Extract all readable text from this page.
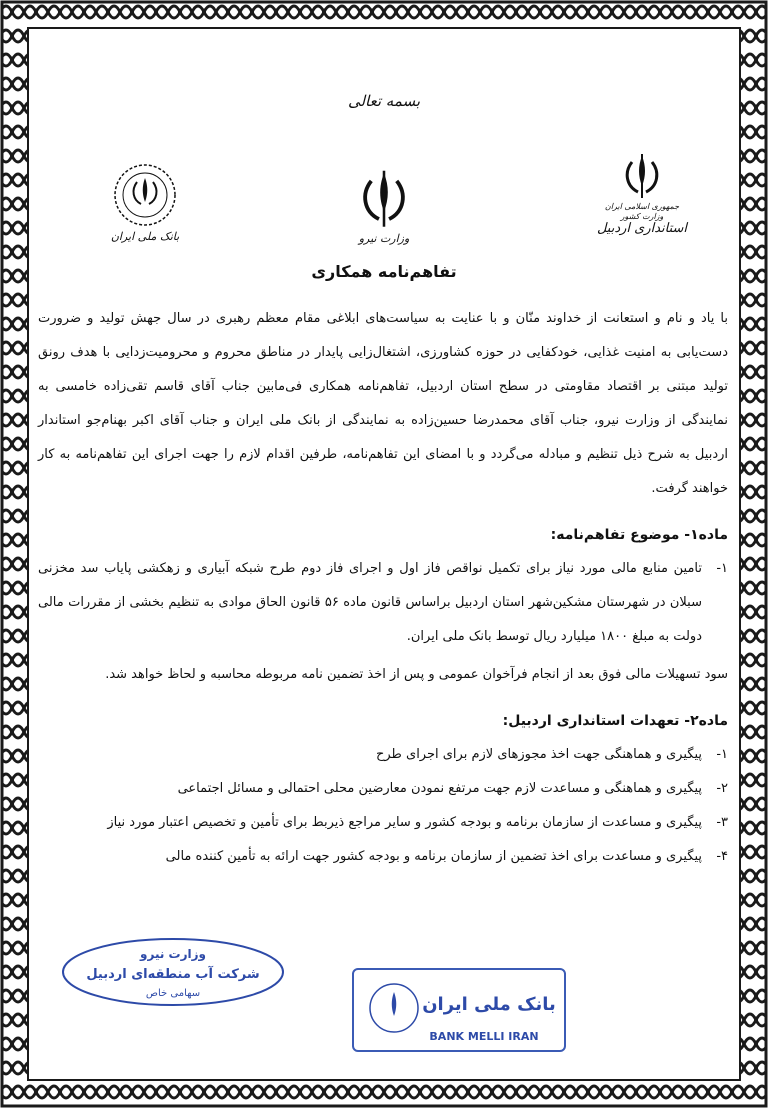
بسمه تعالی
جمهوری اسلامی ایران
وزارت کشور
استانداری اردبیل
وزارت نیرو
بانک ملی ایران
تفاهم‌نامه همکاری

با یاد و نام و استعانت از خداوند منّان و با عنایت به سیاست‌های ابلاغی مقام معظم رهبری در سال جهش تولید و ضرورت دست‌یابی به امنیت غذایی، خودکفایی در حوزه کشاورزی، اشتغال‌زایی پایدار در مناطق محروم و محرومیت‌زدایی با هدف رونق تولید مبتنی بر اقتصاد مقاومتی در سطح استان اردبیل، تفاهم‌نامه همکاری فی‌مابین جناب آقای قاسم تقی‌زاده خامسی به نمایندگی از وزارت نیرو، جناب آقای محمدرضا حسین‌زاده به نمایندگی از بانک ملی ایران و جناب آقای اکبر بهنام‌جو استاندار اردبیل به شرح ذیل تنظیم و مبادله می‌گردد و با امضای این تفاهم‌نامه، طرفین اقدام لازم را جهت اجرای این تفاهم‌نامه به کار خواهند گرفت.

ماده۱- موضوع تفاهم‌نامه:

۱-
تامین منابع مالی مورد نیاز برای تکمیل نواقص فاز اول و اجرای فاز دوم طرح شبکه آبیاری و زهکشی پایاب سد مخزنی سبلان در شهرستان مشکین‌شهر استان اردبیل براساس قانون ماده ۵۶ قانون الحاق موادی به تنظیم بخشی از مقررات مالی دولت به مبلغ ۱۸۰۰ میلیارد ریال توسط بانک ملی ایران.

سود تسهیلات مالی فوق بعد از انجام فرآخوان عمومی و پس از اخذ تضمین نامه مربوطه محاسبه و لحاظ خواهد شد.

ماده۲- تعهدات استانداری اردبیل:

۱-
پیگیری و هماهنگی جهت اخذ مجوزهای لازم برای اجرای طرح
۲-
پیگیری و هماهنگی و مساعدت لازم جهت مرتفع نمودن معارضین محلی احتمالی و مسائل اجتماعی
۳-
پیگیری و مساعدت از سازمان برنامه و بودجه کشور و سایر مراجع ذیربط برای تأمین و تخصیص اعتبار مورد نیاز
۴-
پیگیری و مساعدت برای اخذ تضمین از سازمان برنامه و بودجه کشور جهت ارائه به تأمین کننده مالی
وزارت نیرو
شرکت آب منطقه‌ای اردبیل
سهامی خاص
بانک ملی ایران
BANK MELLI IRAN
